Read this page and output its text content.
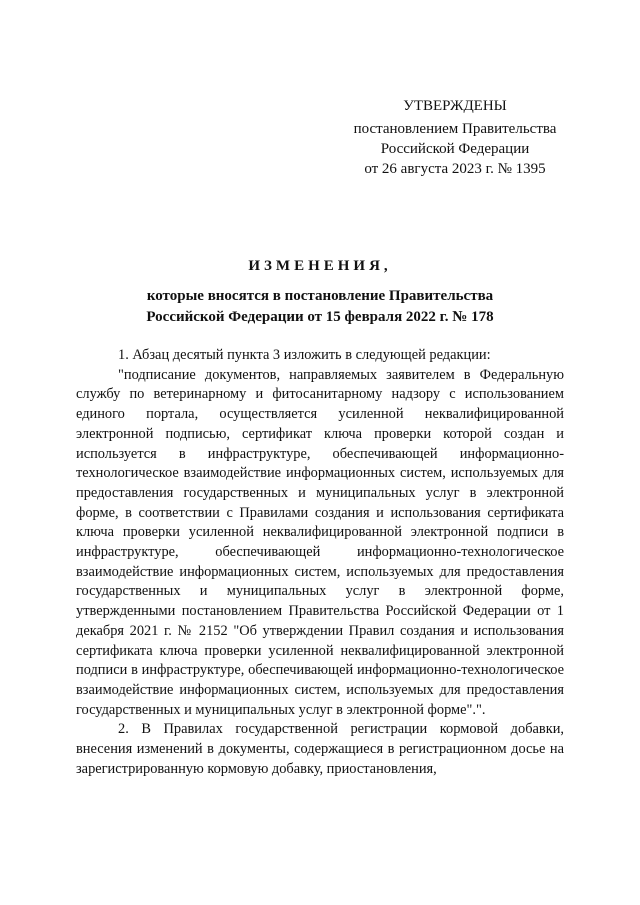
УТВЕРЖДЕНЫ
постановлением Правительства
Российской Федерации
от 26 августа 2023 г. № 1395
ИЗМЕНЕНИЯ,
которые вносятся в постановление Правительства
Российской Федерации от 15 февраля 2022 г. № 178

1. Абзац десятый пункта 3 изложить в следующей редакции:

"подписание документов, направляемых заявителем в Федеральную службу по ветеринарному и фитосанитарному надзору с использованием единого портала, осуществляется усиленной неквалифицированной электронной подписью, сертификат ключа проверки которой создан и используется в инфраструктуре, обеспечивающей информационно-технологическое взаимодействие информационных систем, используемых для предоставления государственных и муниципальных услуг в электронной форме, в соответствии с Правилами создания и использования сертификата ключа проверки усиленной неквалифицированной электронной подписи в инфраструктуре, обеспечивающей информационно-технологическое взаимодействие информационных систем, используемых для предоставления государственных и муниципальных услуг в электронной форме, утвержденными постановлением Правительства Российской Федерации от 1 декабря 2021 г. № 2152 "Об утверждении Правил создания и использования сертификата ключа проверки усиленной неквалифицированной электронной подписи в инфраструктуре, обеспечивающей информационно-технологическое взаимодействие информационных систем, используемых для предоставления государственных и муниципальных услуг в электронной форме".".

2. В Правилах государственной регистрации кормовой добавки, внесения изменений в документы, содержащиеся в регистрационном досье на зарегистрированную кормовую добавку, приостановления,
